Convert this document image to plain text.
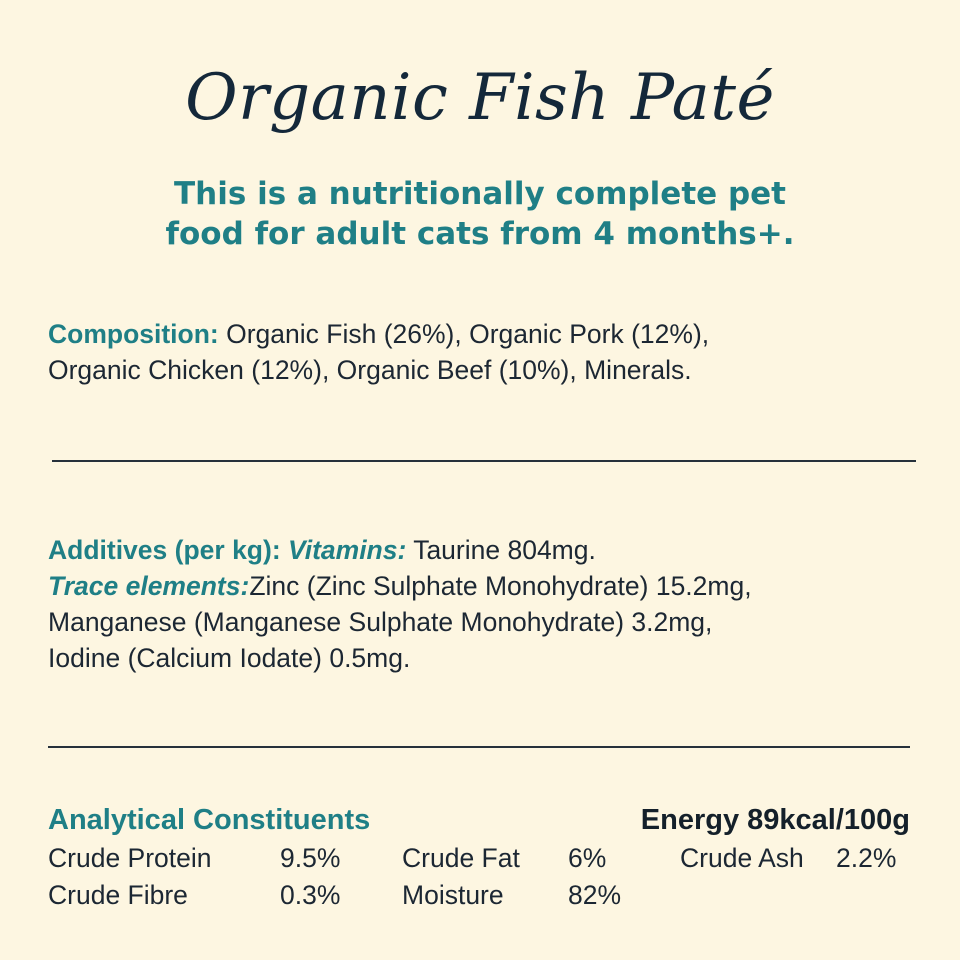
Organic Fish Paté
This is a nutritionally complete pet
food for adult cats from 4 months+.
Composition: Organic Fish (26%), Organic Pork (12%),
Organic Chicken (12%), Organic Beef (10%), Minerals.
Additives (per kg): Vitamins: Taurine 804mg.
Trace elements:Zinc (Zinc Sulphate Monohydrate) 15.2mg,
Manganese (Manganese Sulphate Monohydrate) 3.2mg,
Iodine (Calcium Iodate) 0.5mg.
Analytical Constituents	Energy 89kcal/100g
Crude Protein	9.5% Crude Fat 6%	Crude Ash 2.2%
Crude Fibre	0.3% Moisture 82%
